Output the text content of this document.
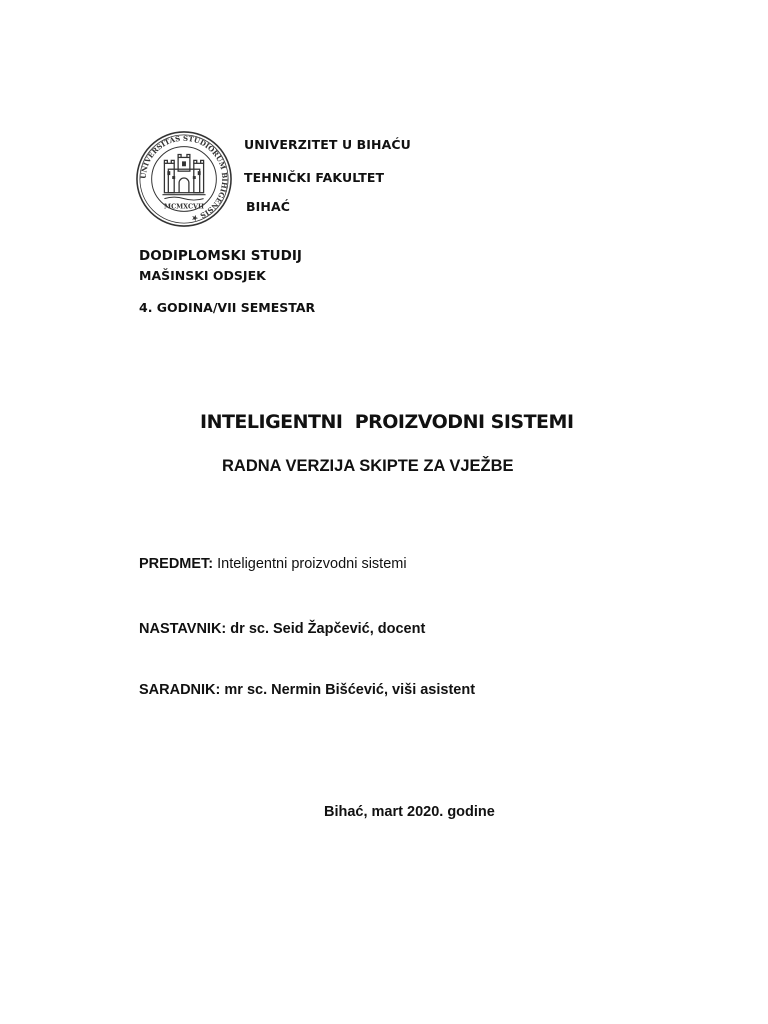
UNIVERSITAS STUDIORUM BIHIGENSIS ★
MCMXCVII
UNIVERZITET U BIHAĆU
TEHNIČKI FAKULTET
BIHAĆ
DODIPLOMSKI STUDIJ
MAŠINSKI ODSJEK
4. GODINA/VII SEMESTAR
INTELIGENTNI  PROIZVODNI SISTEMI
RADNA VERZIJA SKIPTE ZA VJEŽBE
PREDMET: Inteligentni proizvodni sistemi
NASTAVNIK: dr sc. Seid Žapčević, docent
SARADNIK: mr sc. Nermin Bišćević, viši asistent
Bihać, mart 2020. godine
